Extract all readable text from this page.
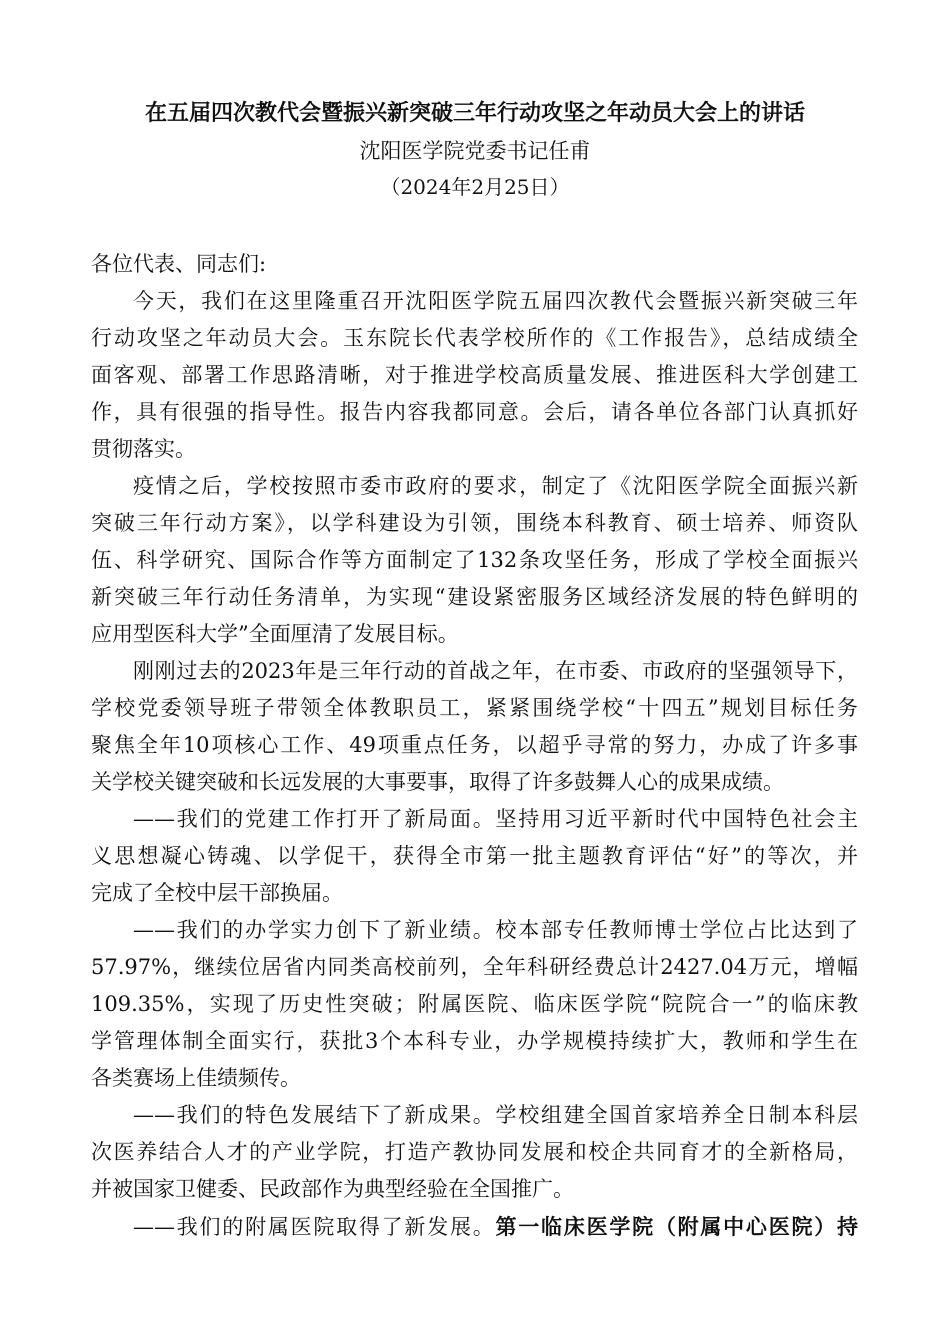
在五届四次教代会暨振兴新突破三年行动攻坚之年动员大会上的讲话
沈阳医学院党委书记任甫
（2024年2月25日）
各位代表、同志们:
今天，我们在这里隆重召开沈阳医学院五届四次教代会暨振兴新突破三年
行动攻坚之年动员大会。玉东院长代表学校所作的《工作报告》，总结成绩全
面客观、部署工作思路清晰，对于推进学校高质量发展、推进医科大学创建工
作，具有很强的指导性。报告内容我都同意。会后，请各单位各部门认真抓好
贯彻落实。
疫情之后，学校按照市委市政府的要求，制定了《沈阳医学院全面振兴新
突破三年行动方案》，以学科建设为引领，围绕本科教育、硕士培养、师资队
伍、科学研究、国际合作等方面制定了132条攻坚任务，形成了学校全面振兴
新突破三年行动任务清单，为实现“建设紧密服务区域经济发展的特色鲜明的
应用型医科大学”全面厘清了发展目标。
刚刚过去的2023年是三年行动的首战之年，在市委、市政府的坚强领导下，
学校党委领导班子带领全体教职员工，紧紧围绕学校“十四五”规划目标任务
聚焦全年10项核心工作、49项重点任务，以超乎寻常的努力，办成了许多事
关学校关键突破和长远发展的大事要事，取得了许多鼓舞人心的成果成绩。
——我们的党建工作打开了新局面。坚持用习近平新时代中国特色社会主
义思想凝心铸魂、以学促干，获得全市第一批主题教育评估“好”的等次，并
完成了全校中层干部换届。
——我们的办学实力创下了新业绩。校本部专任教师博士学位占比达到了
57.97%，继续位居省内同类高校前列，全年科研经费总计2427.04万元，增幅
109.35%，实现了历史性突破；附属医院、临床医学院“院院合一”的临床教
学管理体制全面实行，获批3个本科专业，办学规模持续扩大，教师和学生在
各类赛场上佳绩频传。
——我们的特色发展结下了新成果。学校组建全国首家培养全日制本科层
次医养结合人才的产业学院，打造产教协同发展和校企共同育才的全新格局，
并被国家卫健委、民政部作为典型经验在全国推广。
——我们的附属医院取得了新发展。第一临床医学院（附属中心医院）持
